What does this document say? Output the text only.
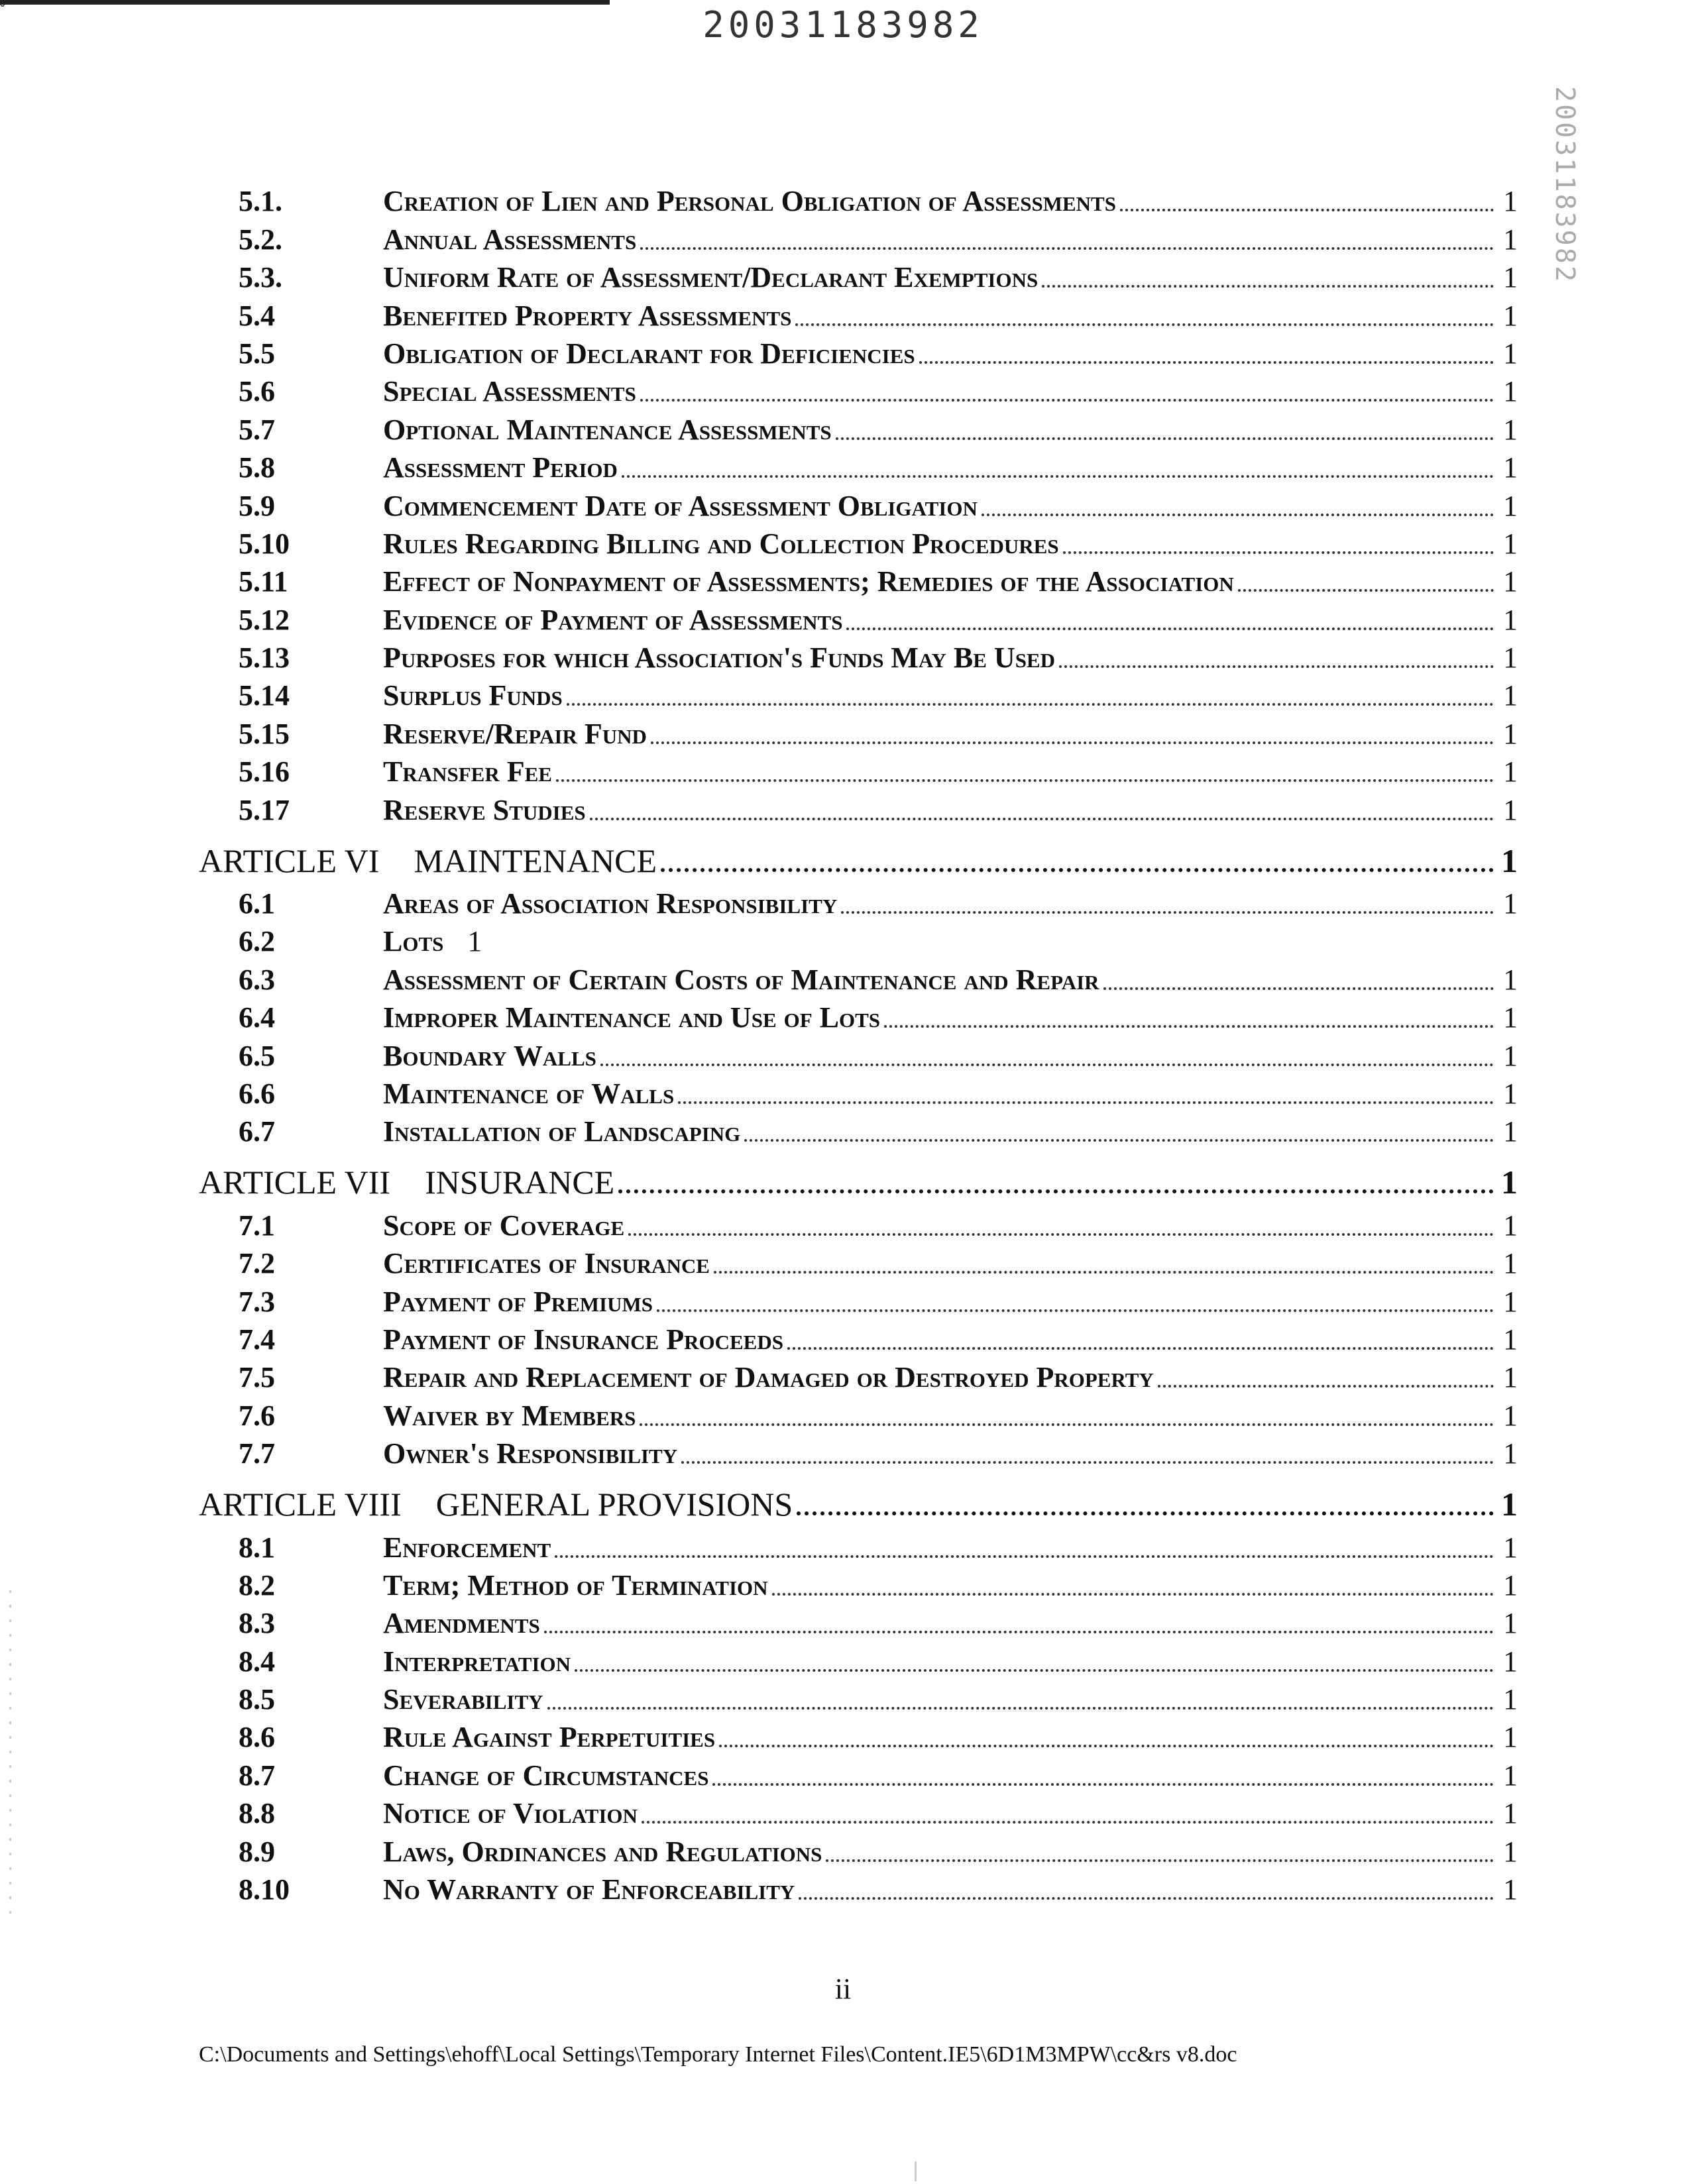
ˇ	20031183982
20031183982
5.1.	Creation of Lien and Personal Obligation of Assessments	1
5.2.	Annual Assessments	1
5.3.	Uniform Rate of Assessment/Declarant Exemptions	1
5.4	Benefited Property Assessments	1
5.5	Obligation of Declarant for Deficiencies	1
5.6	Special Assessments	1
5.7	Optional Maintenance Assessments	1
5.8	Assessment Period	1
5.9	Commencement Date of Assessment Obligation	1
5.10	Rules Regarding Billing and Collection Procedures	1
5.11	Effect of Nonpayment of Assessments; Remedies of the Association	1
5.12	Evidence of Payment of Assessments	1
5.13	Purposes for which Association's Funds May Be Used	1
5.14	Surplus Funds	1
5.15	Reserve/Repair Fund	1
5.16	Transfer Fee	1
5.17	Reserve Studies	1
ARTICLE VI	MAINTENANCE	1
6.1	Areas of Association Responsibility	1
6.2	Lots 1
6.3	Assessment of Certain Costs of Maintenance and Repair	1
6.4	Improper Maintenance and Use of Lots	1
6.5	Boundary Walls	1
6.6	Maintenance of Walls	1
6.7	Installation of Landscaping	1
ARTICLE VII	INSURANCE	1
7.1	Scope of Coverage	1
7.2	Certificates of Insurance	1
7.3	Payment of Premiums	1
7.4	Payment of Insurance Proceeds	1
7.5	Repair and Replacement of Damaged or Destroyed Property	1
7.6	Waiver by Members	1
7.7	Owner's Responsibility	1
ARTICLE VIII	GENERAL PROVISIONS	1
8.1	Enforcement	1
8.2	Term; Method of Termination	1
8.3	Amendments	1
8.4	Interpretation	1
8.5	Severability	1
8.6	Rule Against Perpetuities	1
8.7	Change of Circumstances	1
8.8	Notice of Violation	1
8.9	Laws, Ordinances and Regulations	1
8.10	No Warranty of Enforceability	1
ii
C:\Documents and Settings\ehoff\Local Settings\Temporary Internet Files\Content.IE5\6D1M3MPW\cc&rs v8.doc
